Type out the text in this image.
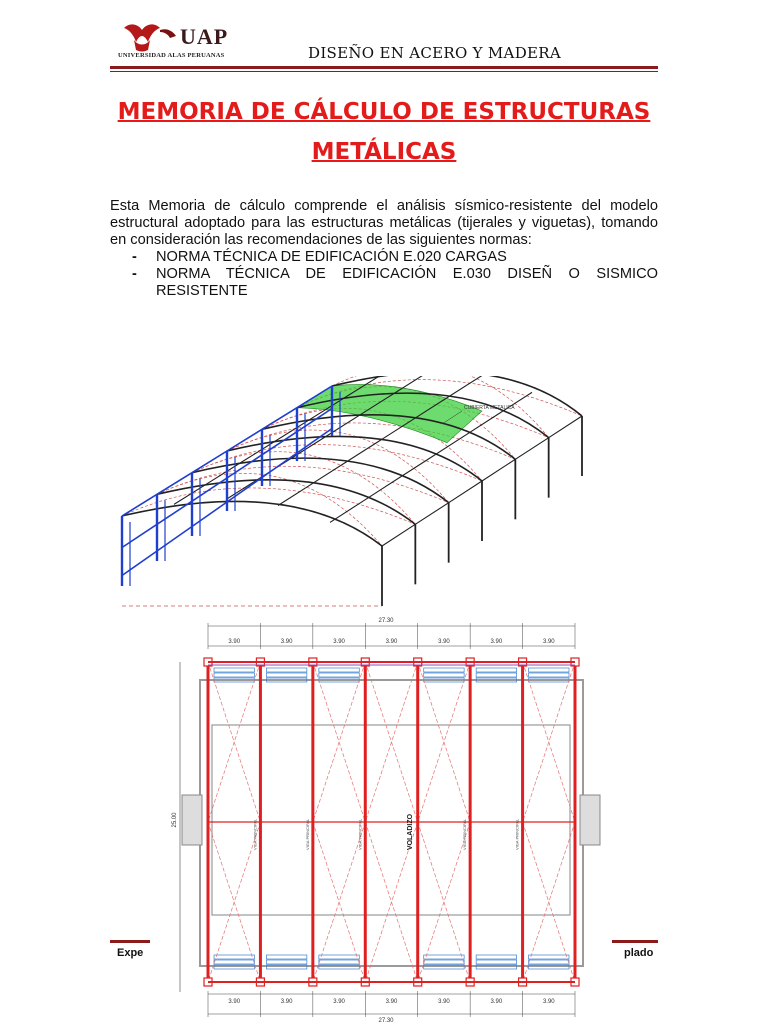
UAP
UNIVERSIDAD ALAS PERUANAS	DISEÑO EN ACERO Y MADERA
MEMORIA DE CÁLCULO DE ESTRUCTURAS METÁLICAS
Esta Memoria de cálculo comprende el análisis sísmico-resistente del modelo estructural adoptado para las estructuras metálicas (tijerales y viguetas), tomando en consideración las recomendaciones de las siguientes normas:
- NORMA TÉCNICA DE EDIFICACIÓN E.020 CARGAS
- NORMA TÉCNICA DE EDIFICACIÓN E.030 DISEÑ O SISMICO RESISTENTE
CUBIERTA METALICA
Expe	plado
27.30
27.30
25.00	VOLADIZO
3.90
3.90
3.90
3.90
3.90
3.90
3.90
3.90
3.90
3.90
3.90
3.90
3.90
3.90
VIGA PRINCIPAL	VIGA PRINCIPAL	VIGA PRINCIPAL	VIGA PRINCIPAL	VIGA PRINCIPAL
